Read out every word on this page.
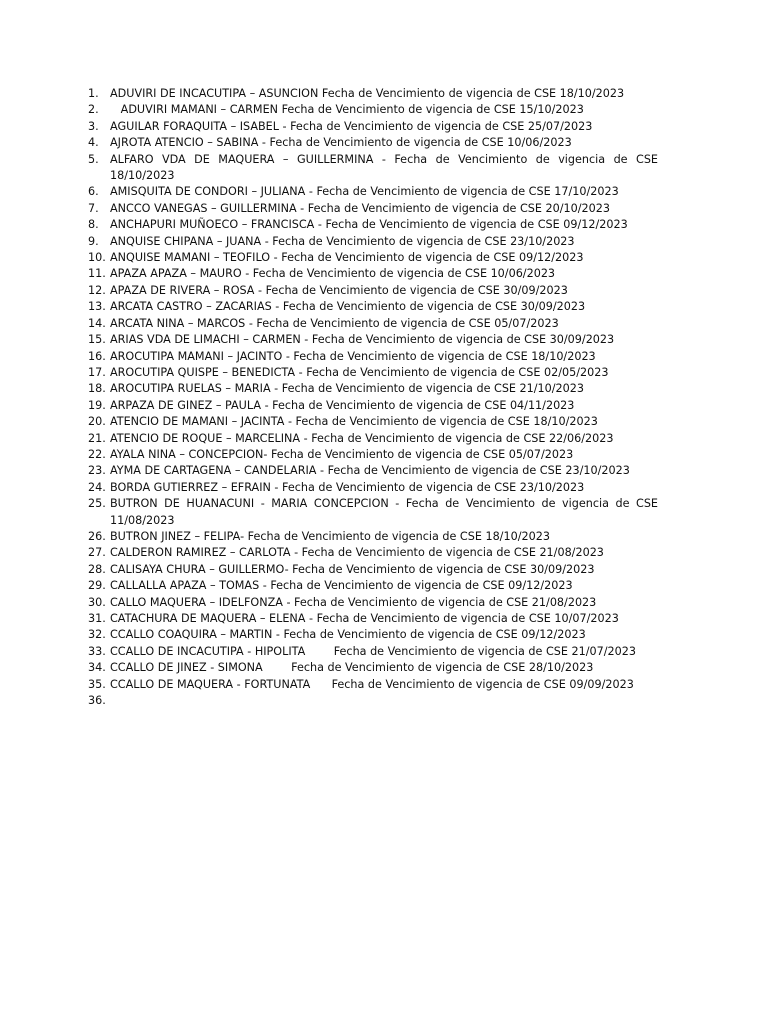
1.	ADUVIRI DE INCACUTIPA – ASUNCION Fecha de Vencimiento de vigencia de CSE 18/10/2023
2.	ADUVIRI MAMANI – CARMEN Fecha de Vencimiento de vigencia de CSE 15/10/2023
3.	AGUILAR FORAQUITA – ISABEL - Fecha de Vencimiento de vigencia de CSE 25/07/2023
4.	AJROTA ATENCIO – SABINA - Fecha de Vencimiento de vigencia de CSE 10/06/2023
5.	ALFARO VDA DE MAQUERA – GUILLERMINA - Fecha de Vencimiento de vigencia de CSE 18/10/2023
6.	AMISQUITA DE CONDORI – JULIANA - Fecha de Vencimiento de vigencia de CSE 17/10/2023
7.	ANCCO VANEGAS – GUILLERMINA - Fecha de Vencimiento de vigencia de CSE 20/10/2023
8.	ANCHAPURI MUÑOECO – FRANCISCA - Fecha de Vencimiento de vigencia de CSE 09/12/2023
9.	ANQUISE CHIPANA – JUANA - Fecha de Vencimiento de vigencia de CSE 23/10/2023
10. ANQUISE MAMANI – TEOFILO - Fecha de Vencimiento de vigencia de CSE 09/12/2023
11. APAZA APAZA – MAURO - Fecha de Vencimiento de vigencia de CSE 10/06/2023
12. APAZA DE RIVERA – ROSA - Fecha de Vencimiento de vigencia de CSE 30/09/2023
13. ARCATA CASTRO – ZACARIAS - Fecha de Vencimiento de vigencia de CSE 30/09/2023
14. ARCATA NINA – MARCOS - Fecha de Vencimiento de vigencia de CSE 05/07/2023
15. ARIAS VDA DE LIMACHI – CARMEN - Fecha de Vencimiento de vigencia de CSE 30/09/2023
16. AROCUTIPA MAMANI – JACINTO - Fecha de Vencimiento de vigencia de CSE 18/10/2023
17. AROCUTIPA QUISPE – BENEDICTA - Fecha de Vencimiento de vigencia de CSE 02/05/2023
18. AROCUTIPA RUELAS – MARIA - Fecha de Vencimiento de vigencia de CSE 21/10/2023
19. ARPAZA DE GINEZ – PAULA - Fecha de Vencimiento de vigencia de CSE 04/11/2023
20. ATENCIO DE MAMANI – JACINTA - Fecha de Vencimiento de vigencia de CSE 18/10/2023
21. ATENCIO DE ROQUE – MARCELINA - Fecha de Vencimiento de vigencia de CSE 22/06/2023
22. AYALA NINA – CONCEPCION- Fecha de Vencimiento de vigencia de CSE 05/07/2023
23. AYMA DE CARTAGENA – CANDELARIA - Fecha de Vencimiento de vigencia de CSE 23/10/2023
24. BORDA GUTIERREZ – EFRAIN - Fecha de Vencimiento de vigencia de CSE 23/10/2023
25. BUTRON DE HUANACUNI - MARIA CONCEPCION - Fecha de Vencimiento de vigencia de CSE 11/08/2023
26. BUTRON JINEZ – FELIPA- Fecha de Vencimiento de vigencia de CSE 18/10/2023
27. CALDERON RAMIREZ – CARLOTA - Fecha de Vencimiento de vigencia de CSE 21/08/2023
28. CALISAYA CHURA – GUILLERMO- Fecha de Vencimiento de vigencia de CSE 30/09/2023
29. CALLALLA APAZA – TOMAS - Fecha de Vencimiento de vigencia de CSE 09/12/2023
30. CALLO MAQUERA – IDELFONZA - Fecha de Vencimiento de vigencia de CSE 21/08/2023
31. CATACHURA DE MAQUERA – ELENA - Fecha de Vencimiento de vigencia de CSE 10/07/2023
32. CCALLO COAQUIRA – MARTIN - Fecha de Vencimiento de vigencia de CSE 09/12/2023
33. CCALLO DE INCACUTIPA - HIPOLITA        Fecha de Vencimiento de vigencia de CSE 21/07/2023
34. CCALLO DE JINEZ - SIMONA        Fecha de Vencimiento de vigencia de CSE 28/10/2023
35. CCALLO DE MAQUERA - FORTUNATA      Fecha de Vencimiento de vigencia de CSE 09/09/2023
36.
